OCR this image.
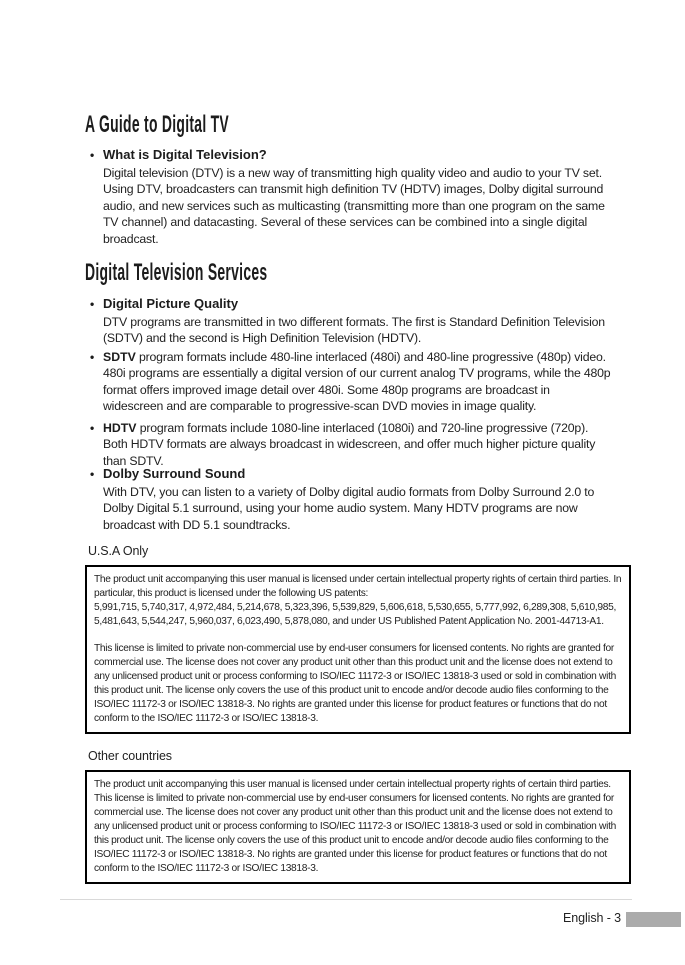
A Guide to Digital TV
• What is Digital Television?

Digital television (DTV) is a new way of transmitting high quality video and audio to your TV set. Using DTV, broadcasters can transmit high definition TV (HDTV) images, Dolby digital surround audio, and new services such as multicasting (transmitting more than one program on the same TV channel) and datacasting. Several of these services can be combined into a single digital broadcast.

Digital Television Services
• Digital Picture Quality

DTV programs are transmitted in two different formats. The first is Standard Definition Television (SDTV) and the second is High Definition Television (HDTV).

• SDTV program formats include 480-line interlaced (480i) and 480-line progressive (480p) video. 480i programs are essentially a digital version of our current analog TV programs, while the 480p format offers improved image detail over 480i. Some 480p programs are broadcast in widescreen and are comparable to progressive-scan DVD movies in image quality.

• HDTV program formats include 1080-line interlaced (1080i) and 720-line progressive (720p). Both HDTV formats are always broadcast in widescreen, and offer much higher picture quality than SDTV.

• Dolby Surround Sound

With DTV, you can listen to a variety of Dolby digital audio formats from Dolby Surround 2.0 to Dolby Digital 5.1 surround, using your home audio system. Many HDTV programs are now broadcast with DD 5.1 soundtracks.

U.S.A Only

The product unit accompanying this user manual is licensed under certain intellectual property rights of certain third parties. In particular, this product is licensed under the following US patents:
5,991,715, 5,740,317, 4,972,484, 5,214,678, 5,323,396, 5,539,829, 5,606,618, 5,530,655, 5,777,992, 6,289,308, 5,610,985, 5,481,643, 5,544,247, 5,960,037, 6,023,490, 5,878,080, and under US Published Patent Application No. 2001-44713-A1.

This license is limited to private non-commercial use by end-user consumers for licensed contents. No rights are granted for commercial use. The license does not cover any product unit other than this product unit and the license does not extend to any unlicensed product unit or process conforming to ISO/IEC 11172-3 or ISO/IEC 13818-3 used or sold in combination with this product unit. The license only covers the use of this product unit to encode and/or decode audio files conforming to the ISO/IEC 11172-3 or ISO/IEC 13818-3. No rights are granted under this license for product features or functions that do not conform to the ISO/IEC 11172-3 or ISO/IEC 13818-3.

Other countries

The product unit accompanying this user manual is licensed under certain intellectual property rights of certain third parties. This license is limited to private non-commercial use by end-user consumers for licensed contents. No rights are granted for commercial use. The license does not cover any product unit other than this product unit and the license does not extend to any unlicensed product unit or process conforming to ISO/IEC 11172-3 or ISO/IEC 13818-3 used or sold in combination with this product unit. The license only covers the use of this product unit to encode and/or decode audio files conforming to the ISO/IEC 11172-3 or ISO/IEC 13818-3. No rights are granted under this license for product features or functions that do not conform to the ISO/IEC 11172-3 or ISO/IEC 13818-3.

English - 3
